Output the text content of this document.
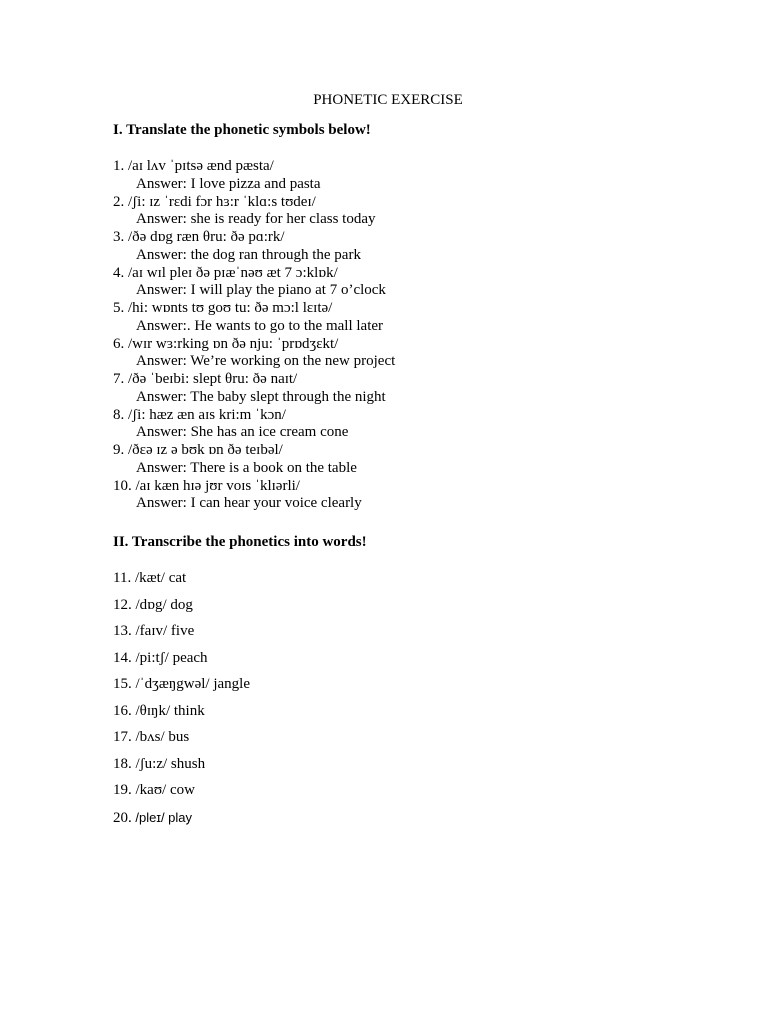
PHONETIC EXERCISE
I. Translate the phonetic symbols below!
1. /aɪ lʌv ˈpɪtsə ænd pæsta/
Answer: I love pizza and pasta
2. /ʃi: ɪz ˈrɛdi fɔr hɜ:r ˈklɑ:s tʊdeɪ/
Answer: she is ready for her class today
3. /ðə dɒg ræn θru: ðə pɑ:rk/
Answer: the dog ran through the park
4. /aɪ wɪl pleɪ ðə pɪæˈnəʊ æt 7 ɔ:klɒk/
Answer: I will play the piano at 7 o’clock
5. /hi: wɒnts tʊ goʊ tu: ðə mɔ:l lɛɪtə/
Answer:. He wants to go to the mall later
6. /wɪr wɜ:rking ɒn ðə nju: ˈprɒdʒɛkt/
Answer: We’re working on the new project
7. /ðə ˈbeɪbi: slept θru: ðə naɪt/
Answer: The baby slept through the night
8. /ʃi: hæz æn aɪs kri:m ˈkɔn/
Answer: She has an ice cream cone
9. /ðɛə ɪz ə bʊk ɒn ðə teɪbəl/
Answer: There is a book on the table
10. /aɪ kæn hɪə jʊr voɪs ˈklɪərli/
Answer: I can hear your voice clearly
II. Transcribe the phonetics into words!
11. /kæt/ cat
12. /dɒg/ dog
13. /faɪv/ five
14. /pi:tʃ/ peach
15. /ˈdʒæŋgwəl/ jangle
16. /θɪŋk/ think
17. /bʌs/ bus
18. /ʃu:z/ shush
19. /kaʊ/ cow
20. /pleɪ/ play
